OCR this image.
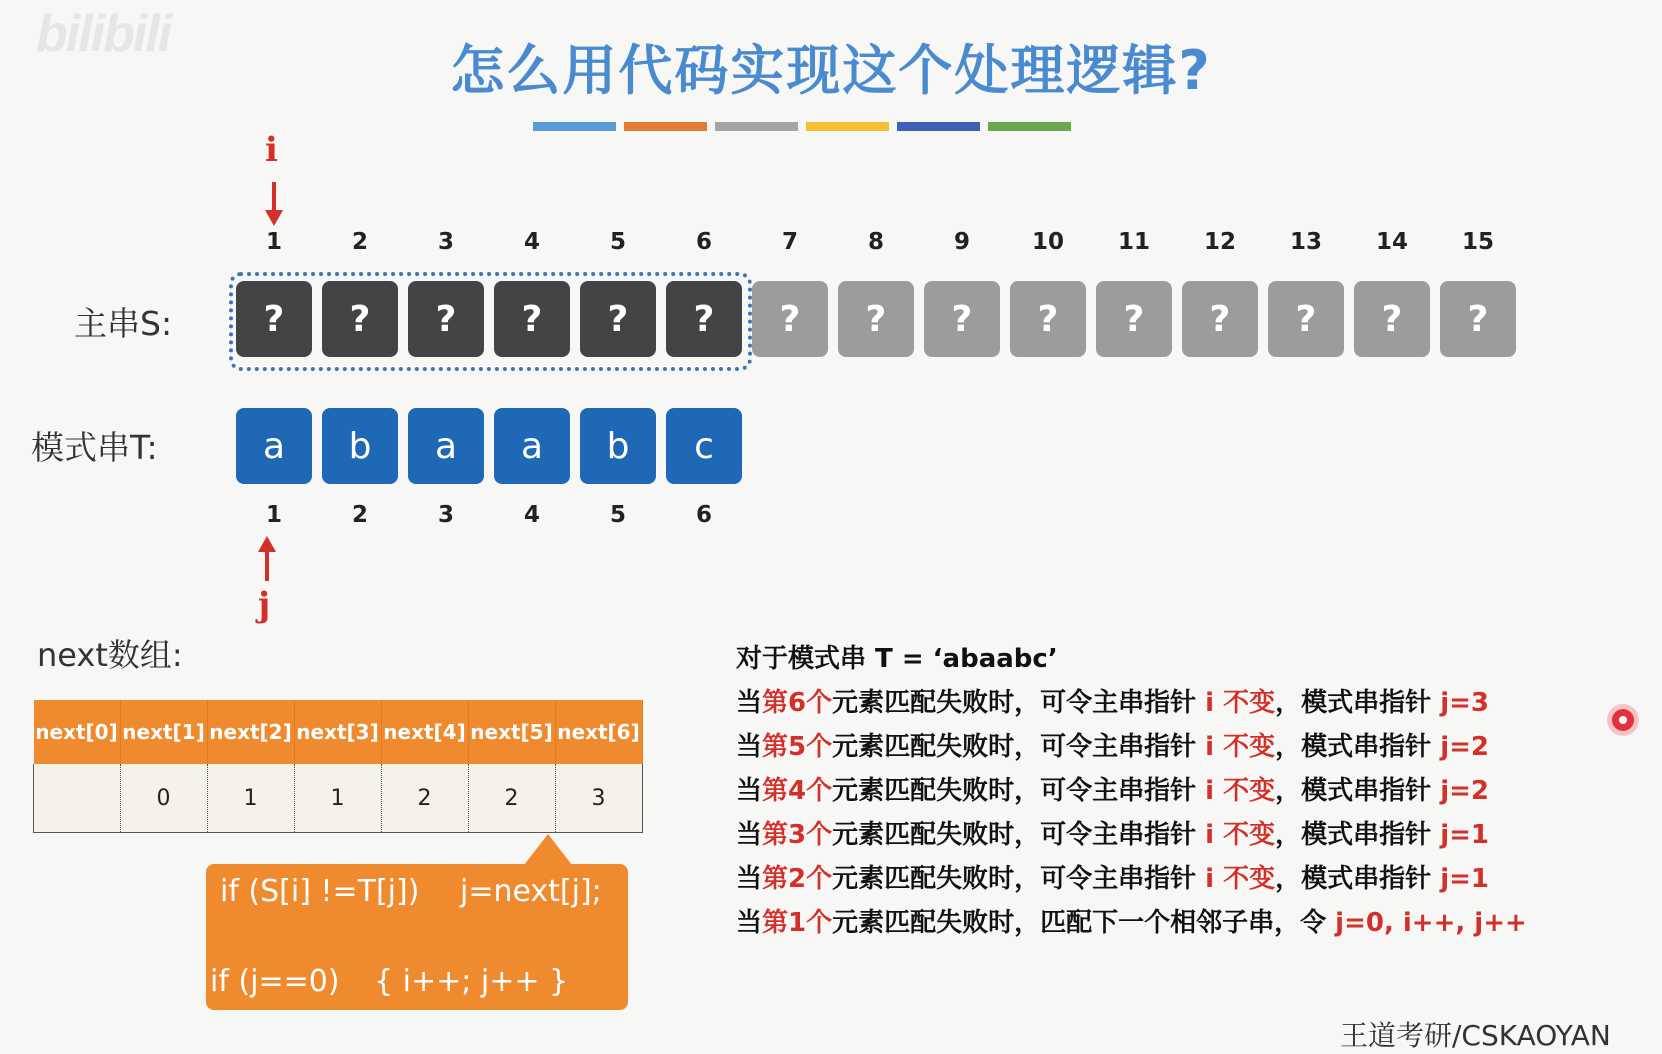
bilibili
怎么用代码实现这个处理逻辑?
i
1	2	3	4	5	6	7	8	9	10	11	12	13	14	15
主串S:	?	?	?	?	?	?	?	?	?	?	?	?	?	?	?
模式串T:	a	b	a	a	b	c
1	2	3	4	5	6
j
next数组:
next[0]	next[1]	next[2]	next[3]	next[4]	next[5]	next[6]
	0	1	1	2	2	3
if (S[i] !=T[j]) j=next[j];
if (j==0) { i++; j++ }
对于模式串 T = ‘abaabc’
当第6个元素匹配失败时，可令主串指针 i 不变，模式串指针 j=3
当第5个元素匹配失败时，可令主串指针 i 不变，模式串指针 j=2
当第4个元素匹配失败时，可令主串指针 i 不变，模式串指针 j=2
当第3个元素匹配失败时，可令主串指针 i 不变，模式串指针 j=1
当第2个元素匹配失败时，可令主串指针 i 不变，模式串指针 j=1
当第1个元素匹配失败时，匹配下一个相邻子串，令 j=0, i++, j++
王道考研/CSKAOYAN
